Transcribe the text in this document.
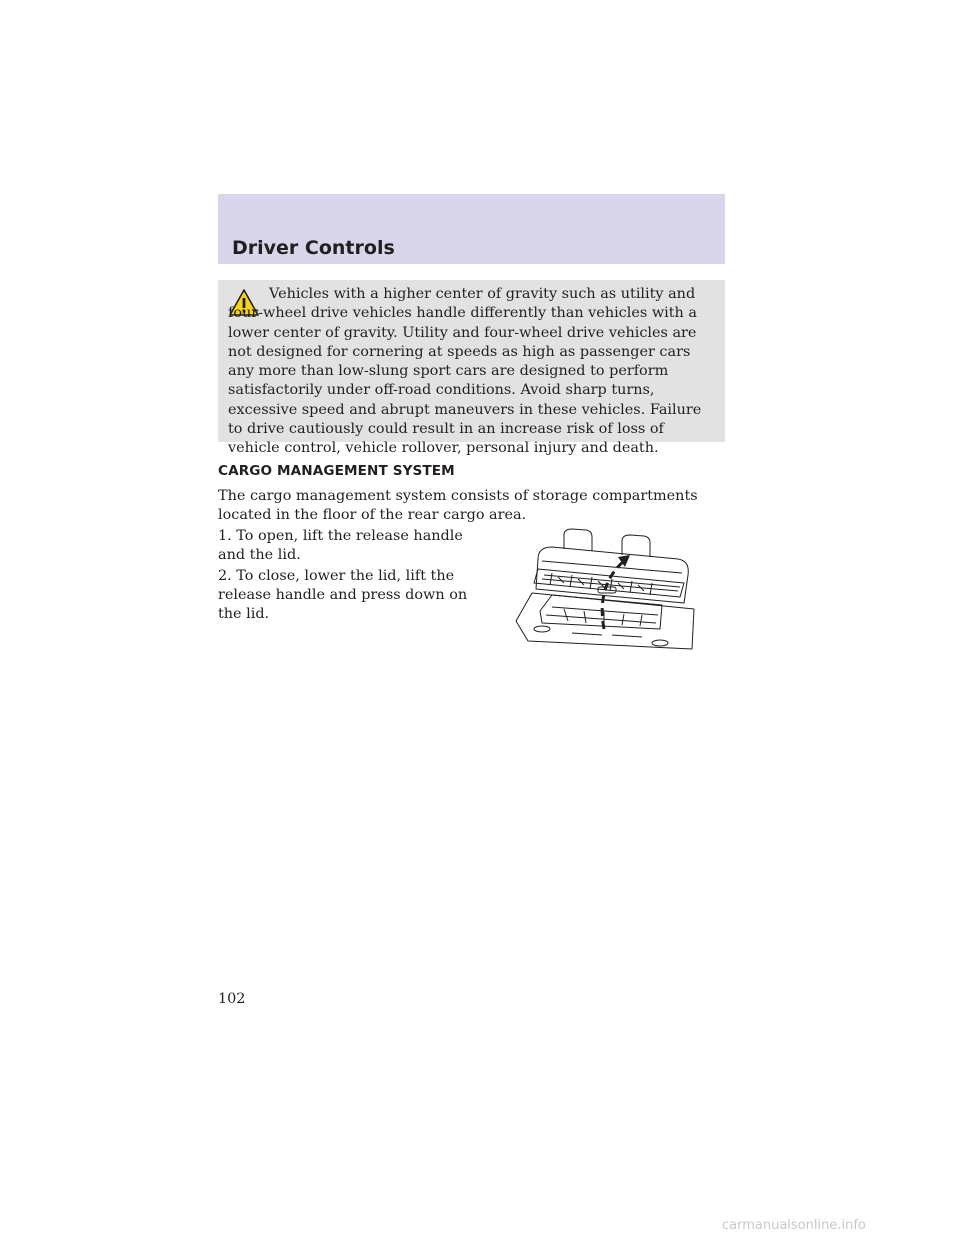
Driver Controls

Vehicles with a higher center of gravity such as utility and four-wheel drive vehicles handle differently than vehicles with a lower center of gravity. Utility and four-wheel drive vehicles are not designed for cornering at speeds as high as passenger cars any more than low-slung sport cars are designed to perform satisfactorily under off-road conditions. Avoid sharp turns, excessive speed and abrupt maneuvers in these vehicles. Failure to drive cautiously could result in an increase risk of loss of vehicle control, vehicle rollover, personal injury and death.

CARGO MANAGEMENT SYSTEM

The cargo management system consists of storage compartments located in the floor of the rear cargo area.

1. To open, lift the release handle and the lid.

2. To close, lower the lid, lift the release handle and press down on the lid.

102

carmanualsonline.info
